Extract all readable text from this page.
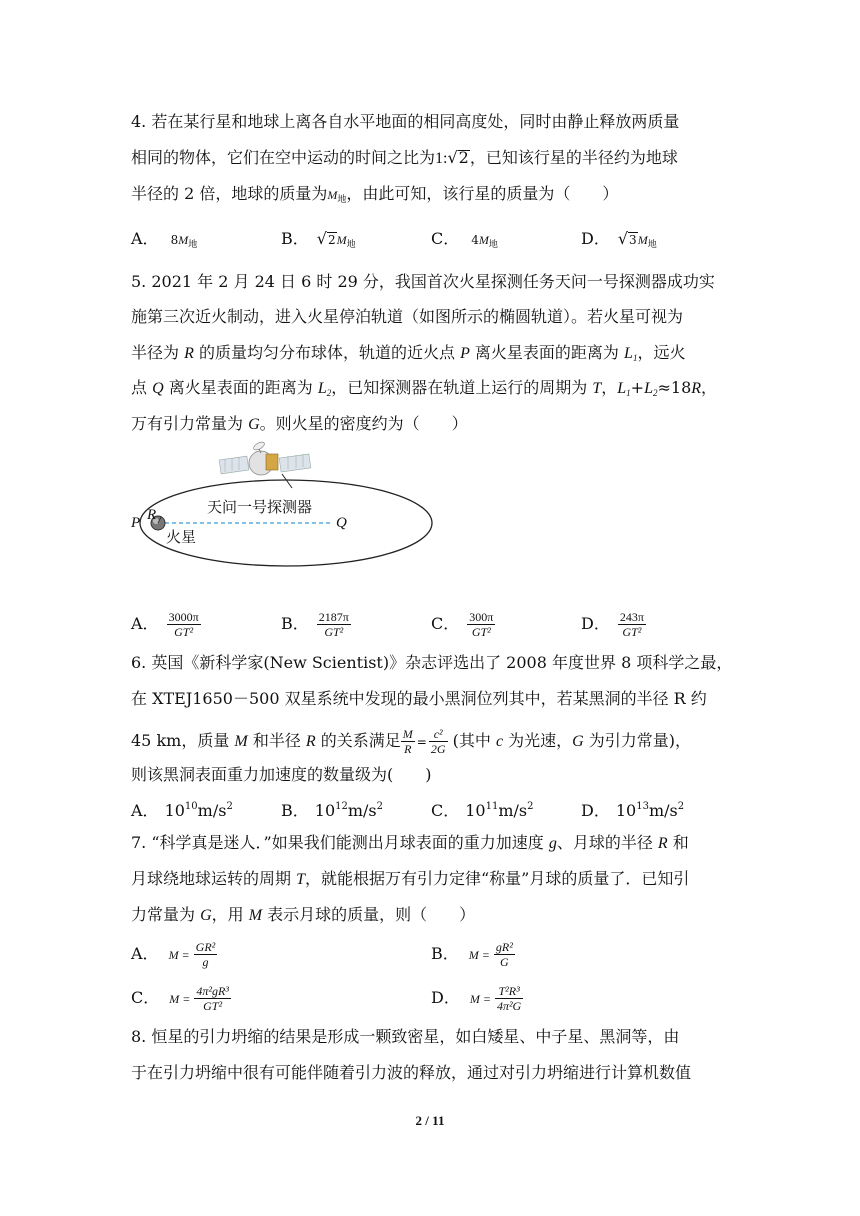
4. 若在某行星和地球上离各自水平地面的相同高度处，同时由静止释放两质量
相同的物体，它们在空中运动的时间之比为1:√2，已知该行星的半径约为地球
半径的 2 倍，地球的质量为M地，由此可知，该行星的质量为（　　）
A． 8M地	B． √2M地	C． 4M地	D． √3M地
5. 2021 年 2 月 24 日 6 时 29 分，我国首次火星探测任务天问一号探测器成功实
施第三次近火制动，进入火星停泊轨道（如图所示的椭圆轨道）。若火星可视为
半径为 R 的质量均匀分布球体，轨道的近火点 P 离火星表面的距离为 L1，远火
点 Q 离火星表面的距离为 L2，已知探测器在轨道上运行的周期为 T，L1+L2≈18R，
万有引力常量为 G。则火星的密度约为（　　）
天问一号探测器
R
P	Q
火星
A． $\frac{3000\pi}{\text{GT²}}$	B． $\frac{2187\pi}{\text{GT²}}$	C． $\frac{300\pi}{\text{GT²}}$	D． $\frac{243\pi}{\text{GT²}}$
6. 英国《新科学家(New Scientist)》杂志评选出了 2008 年度世界 8 项科学之最，
在 XTEJ1650－500 双星系统中发现的最小黑洞位列其中，若某黑洞的半径 R 约
45 km，质量 M 和半径 R 的关系满足 $\frac{M}{R} = \frac{\text{c²}}{2G}$ (其中 c 为光速，G 为引力常量)，
则该黑洞表面重力加速度的数量级为(　　)
A． $10^{10}m/s^2$	B． $10^{12}m/s^2$	C． $10^{11}m/s^2$	D． $10^{13}m/s^2$
7. “科学真是迷人．”如果我们能测出月球表面的重力加速度 g、月球的半径 R 和
月球绕地球运转的周期 T，就能根据万有引力定律“称量”月球的质量了．已知引
力常量为 G，用 M 表示月球的质量，则（　　）
A． $M = \frac{\text{GR²}}{g}$	B． $M = \frac{\text{gR²}}{G}$
C． $M = \frac{\text{4π²gR³}}{\text{GT²}}$	D． $M = \frac{\text{T²R³}}{\text{4π²G}}$
8. 恒星的引力坍缩的结果是形成一颗致密星，如白矮星、中子星、黑洞等，由
于在引力坍缩中很有可能伴随着引力波的释放，通过对引力坍缩进行计算机数值
2 / 11
